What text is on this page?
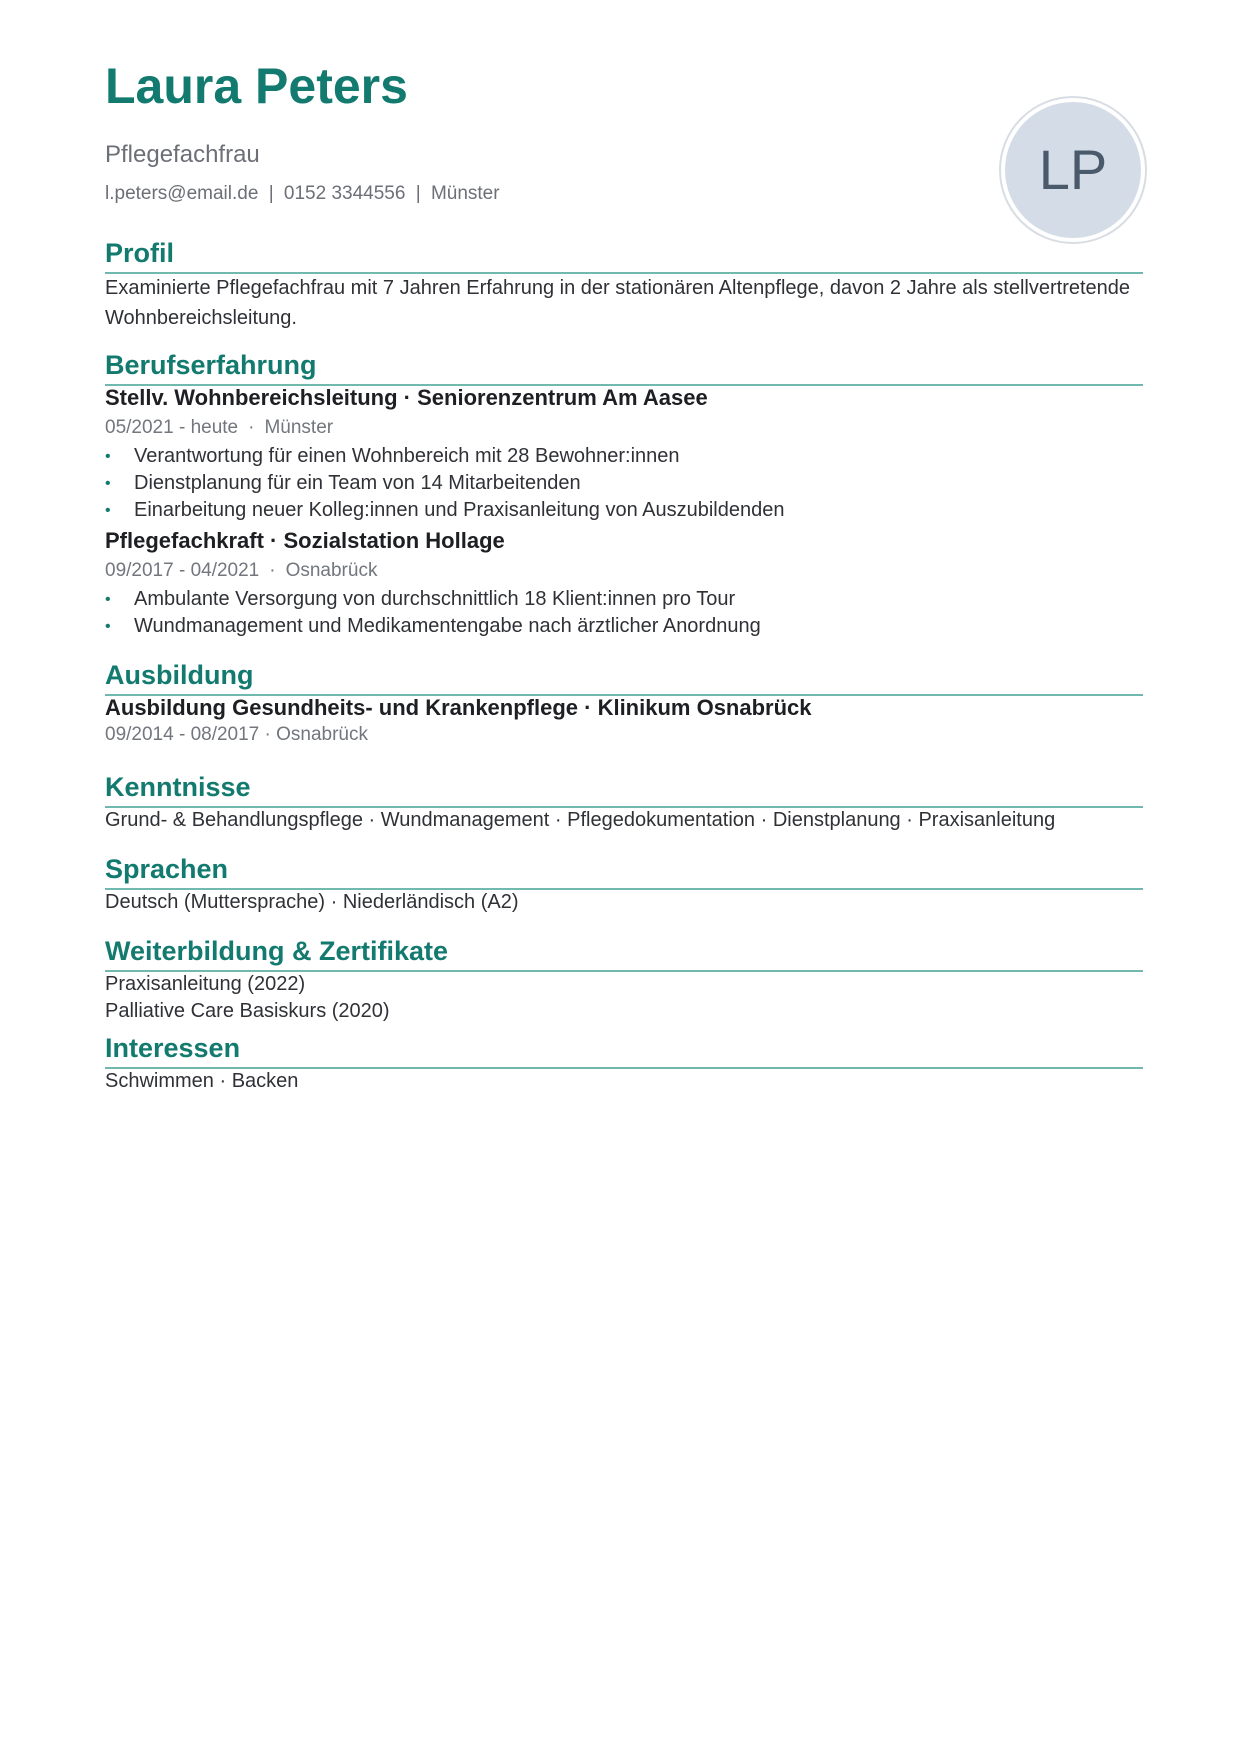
Laura Peters
Pflegefachfrau
l.peters@email.de | 0152 3344556 | Münster	LP
Profil
Examinierte Pflegefachfrau mit 7 Jahren Erfahrung in der stationären Altenpflege, davon 2 Jahre als stellvertretende Wohnbereichsleitung.
Berufserfahrung
Stellv. Wohnbereichsleitung · Seniorenzentrum Am Aasee
05/2021 - heute · Münster
• Verantwortung für einen Wohnbereich mit 28 Bewohner:innen
• Dienstplanung für ein Team von 14 Mitarbeitenden
• Einarbeitung neuer Kolleg:innen und Praxisanleitung von Auszubildenden
Pflegefachkraft · Sozialstation Hollage
09/2017 - 04/2021 · Osnabrück
• Ambulante Versorgung von durchschnittlich 18 Klient:innen pro Tour
• Wundmanagement und Medikamentengabe nach ärztlicher Anordnung
Ausbildung
Ausbildung Gesundheits- und Krankenpflege · Klinikum Osnabrück
09/2014 - 08/2017 · Osnabrück
Kenntnisse
Grund- & Behandlungspflege · Wundmanagement · Pflegedokumentation · Dienstplanung · Praxisanleitung
Sprachen
Deutsch (Muttersprache) · Niederländisch (A2)
Weiterbildung & Zertifikate
Praxisanleitung (2022)
Palliative Care Basiskurs (2020)
Interessen
Schwimmen · Backen
